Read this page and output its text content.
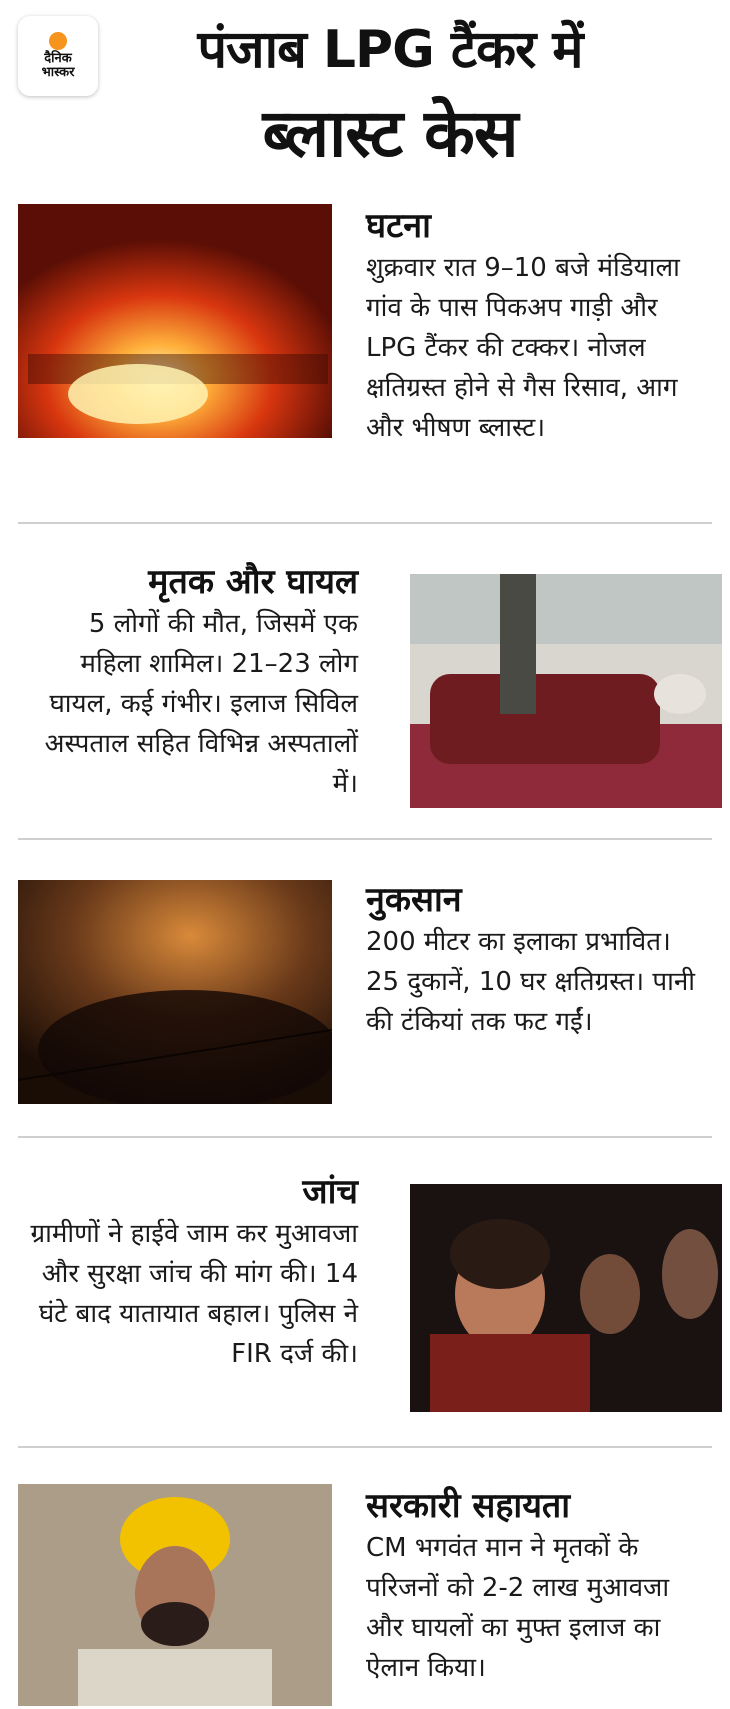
दैनिक
भास्कर	पंजाब LPG टैंकर में
ब्लास्ट केस
घटना
शुक्रवार रात 9–10 बजे मंडियाला गांव के पास पिकअप गाड़ी और LPG टैंकर की टक्कर। नोजल क्षतिग्रस्त होने से गैस रिसाव, आग और भीषण ब्लास्ट।
मृतक और घायल
5 लोगों की मौत, जिसमें एक महिला शामिल। 21–23 लोग घायल, कई गंभीर। इलाज सिविल अस्पताल सहित विभिन्न अस्पतालों में।
नुकसान
200 मीटर का इलाका प्रभावित। 25 दुकानें, 10 घर क्षतिग्रस्त। पानी की टंकियां तक फट गईं।
जांच
ग्रामीणों ने हाईवे जाम कर मुआवजा और सुरक्षा जांच की मांग की। 14 घंटे बाद यातायात बहाल। पुलिस ने FIR दर्ज की।
सरकारी सहायता
CM भगवंत मान ने मृतकों के परिजनों को 2-2 लाख मुआवजा और घायलों का मुफ्त इलाज का ऐलान किया।
